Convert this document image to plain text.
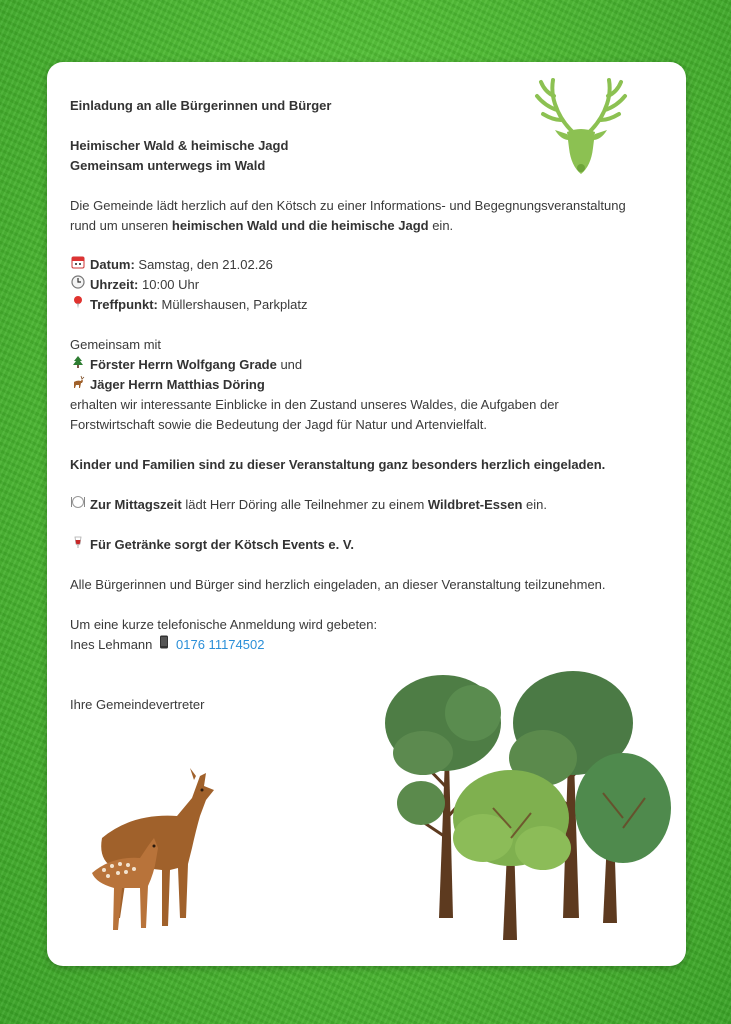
Einladung an alle Bürgerinnen und Bürger
Heimischer Wald & heimische Jagd
Gemeinsam unterwegs im Wald
Die Gemeinde lädt herzlich auf den Kötsch zu einer Informations- und Begegnungsveranstaltung
rund um unseren heimischen Wald und die heimische Jagd ein.
Datum: Samstag, den 21.02.26
Uhrzeit: 10:00 Uhr
Treffpunkt: Müllershausen, Parkplatz
Gemeinsam mit
Förster Herrn Wolfgang Grade und
Jäger Herrn Matthias Döring
erhalten wir interessante Einblicke in den Zustand unseres Waldes, die Aufgaben der
Forstwirtschaft sowie die Bedeutung der Jagd für Natur und Artenvielfalt.
Kinder und Familien sind zu dieser Veranstaltung ganz besonders herzlich eingeladen.
Zur Mittagszeit lädt Herr Döring alle Teilnehmer zu einem Wildbret-Essen ein.
Für Getränke sorgt der Kötsch Events e. V.
Alle Bürgerinnen und Bürger sind herzlich eingeladen, an dieser Veranstaltung teilzunehmen.
Um eine kurze telefonische Anmeldung wird gebeten:
Ines Lehmann 0176 11174502
Ihre Gemeindevertreter
